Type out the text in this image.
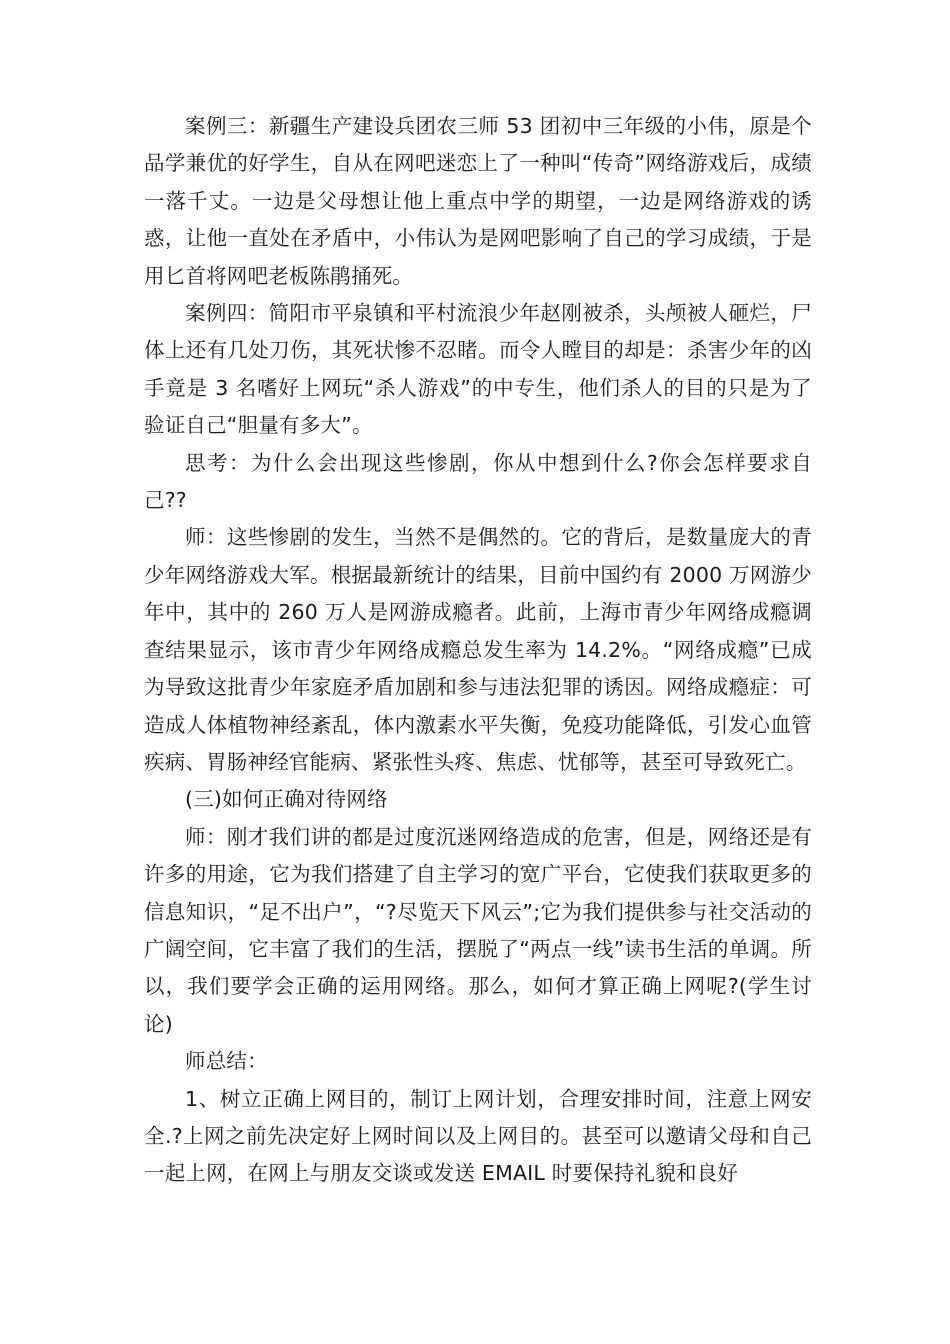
案例三：新疆生产建设兵团农三师 53 团初中三年级的小伟，原是个品学兼优的好学生，自从在网吧迷恋上了一种叫“传奇”网络游戏后，成绩一落千丈。一边是父母想让他上重点中学的期望，一边是网络游戏的诱惑，让他一直处在矛盾中，小伟认为是网吧影响了自己的学习成绩，于是用匕首将网吧老板陈鹃捅死。

案例四：简阳市平泉镇和平村流浪少年赵刚被杀，头颅被人砸烂，尸体上还有几处刀伤，其死状惨不忍睹。而令人瞠目的却是：杀害少年的凶手竟是 3 名嗜好上网玩“杀人游戏”的中专生，他们杀人的目的只是为了验证自己“胆量有多大”。

思考：为什么会出现这些惨剧，你从中想到什么?你会怎样要求自己??

师：这些惨剧的发生，当然不是偶然的。它的背后，是数量庞大的青少年网络游戏大军。根据最新统计的结果，目前中国约有 2000 万网游少年中，其中的 260 万人是网游成瘾者。此前，上海市青少年网络成瘾调查结果显示，该市青少年网络成瘾总发生率为 14.2%。“网络成瘾”已成为导致这批青少年家庭矛盾加剧和参与违法犯罪的诱因。网络成瘾症：可造成人体植物神经紊乱，体内激素水平失衡，免疫功能降低，引发心血管疾病、胃肠神经官能病、紧张性头疼、焦虑、忧郁等，甚至可导致死亡。

(三)如何正确对待网络

师：刚才我们讲的都是过度沉迷网络造成的危害，但是，网络还是有许多的用途，它为我们搭建了自主学习的宽广平台，它使我们获取更多的信息知识，“足不出户”，“?尽览天下风云”;它为我们提供参与社交活动的广阔空间，它丰富了我们的生活，摆脱了“两点一线”读书生活的单调。所以，我们要学会正确的运用网络。那么，如何才算正确上网呢?(学生讨论)

师总结：

1、树立正确上网目的，制订上网计划，合理安排时间，注意上网安全.?上网之前先决定好上网时间以及上网目的。甚至可以邀请父母和自己一起上网，在网上与朋友交谈或发送 EMAIL 时要保持礼貌和良好
